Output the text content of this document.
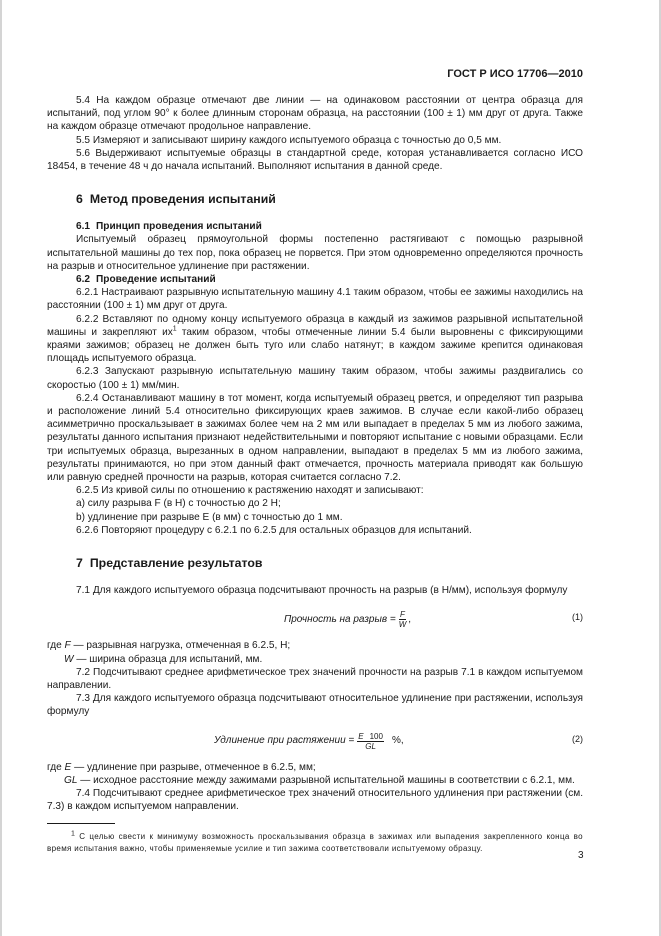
ГОСТ Р ИСО 17706—2010

5.4 На каждом образце отмечают две линии — на одинаковом расстоянии от центра образца для испытаний, под углом 90° к более длинным сторонам образца, на расстоянии (100 ± 1) мм друг от друга. Также на каждом образце отмечают продольное направление.

5.5 Измеряют и записывают ширину каждого испытуемого образца с точностью до 0,5 мм.

5.6 Выдерживают испытуемые образцы в стандартной среде, которая устанавливается согласно ИСО 18454, в течение 48 ч до начала испытаний. Выполняют испытания в данной среде.

6 Метод проведения испытаний
6.1 Принцип проведения испытаний

Испытуемый образец прямоугольной формы постепенно растягивают с помощью разрывной испытательной машины до тех пор, пока образец не порвется. При этом одновременно определяются прочность на разрыв и относительное удлинение при растяжении.

6.2 Проведение испытаний

6.2.1 Настраивают разрывную испытательную машину 4.1 таким образом, чтобы ее зажимы находились на расстоянии (100 ± 1) мм друг от друга.

6.2.2 Вставляют по одному концу испытуемого образца в каждый из зажимов разрывной испытательной машины и закрепляют $их^1$ таким образом, чтобы отмеченные линии 5.4 были выровнены с фиксирующими краями зажимов; образец не должен быть туго или слабо натянут; в каждом зажиме крепится одинаковая площадь испытуемого образца.

6.2.3 Запускают разрывную испытательную машину таким образом, чтобы зажимы раздвигались со скоростью (100 ± 1) мм/мин.

6.2.4 Останавливают машину в тот момент, когда испытуемый образец рвется, и определяют тип разрыва и расположение линий 5.4 относительно фиксирующих краев зажимов. В случае если какой-либо образец асимметрично проскальзывает в зажимах более чем на 2 мм или выпадает в пределах 5 мм из любого зажима, результаты данного испытания признают недействительными и повторяют испытание с новыми образцами. Если три испытуемых образца, вырезанных в одном направлении, выпадают в пределах 5 мм из любого зажима, результаты принимаются, но при этом данный факт отмечается, прочность материала приводят как большую или равную средней прочности на разрыв, которая считается согласно 7.2.

6.2.5 Из кривой силы по отношению к растяжению находят и записывают:

a) силу разрыва F (в Н) с точностью до 2 Н;

b) удлинение при разрыве E (в мм) с точностью до 1 мм.

6.2.6 Повторяют процедуру с 6.2.1 по 6.2.5 для остальных образцов для испытаний.

7 Представление результатов

7.1 Для каждого испытуемого образца подсчитывают прочность на разрыв (в Н/мм), используя формулу

Прочность на разрыв = $\frac{F}{W}$ ,	(1)

где F — разрывная нагрузка, отмеченная в 6.2.5, Н;

W — ширина образца для испытаний, мм.

7.2 Подсчитывают среднее арифметическое трех значений прочности на разрыв 7.1 в каждом испытуемом направлении.

7.3 Для каждого испытуемого образца подсчитывают относительное удлинение при растяжении, используя формулу

Удлинение при растяжении = $\frac{E 100}{GL}$ %,	(2)

где E — удлинение при разрыве, отмеченное в 6.2.5, мм;

GL — исходное расстояние между зажимами разрывной испытательной машины в соответствии с 6.2.1, мм.

7.4 Подсчитывают среднее арифметическое трех значений относительного удлинения при растяжении (см. 7.3) в каждом испытуемом направлении.

$^1$ С целью свести к минимуму возможность проскальзывания образца в зажимах или выпадения закрепленного конца во время испытания важно, чтобы применяемые усилие и тип зажима соответствовали испытуемому образцу.

3
